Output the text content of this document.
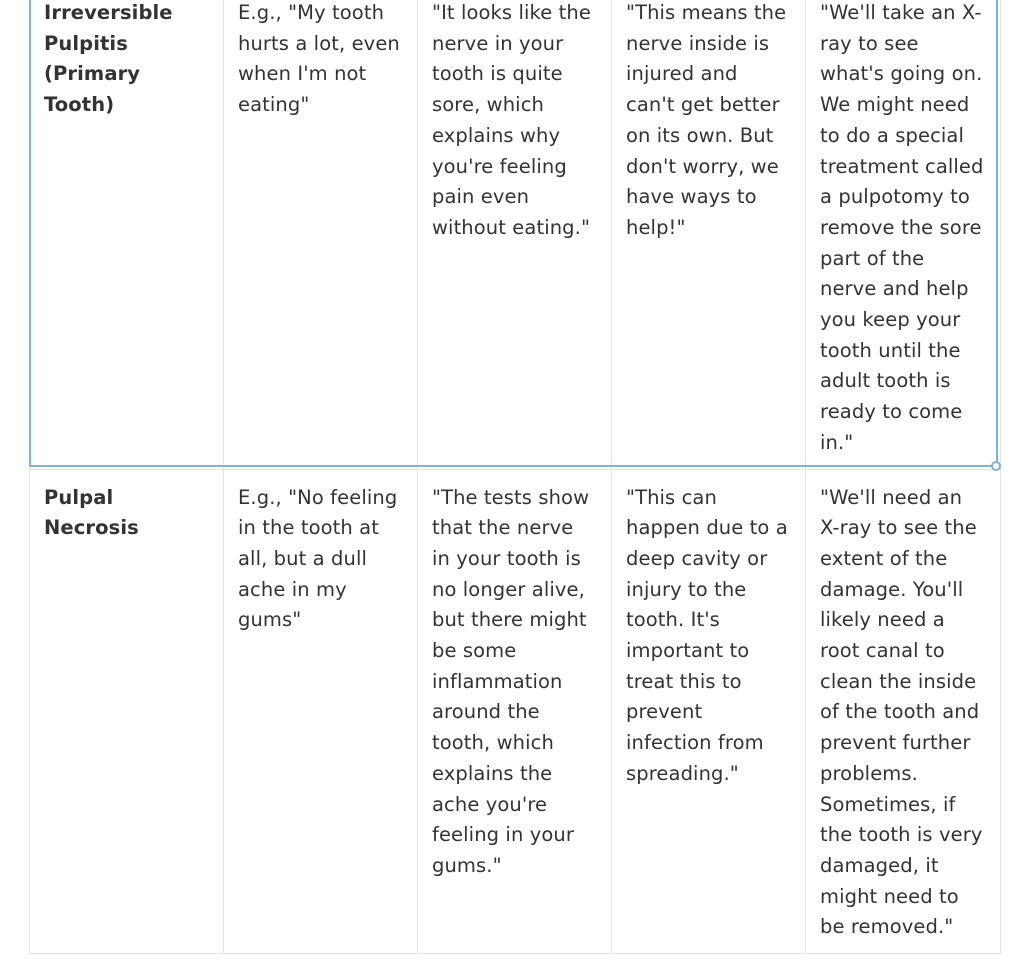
Irreversible Pulpitis (Primary Tooth)	E.g., "My tooth hurts a lot, even when I'm not eating"	"It looks like the nerve in your tooth is quite sore, which explains why you're feeling pain even without eating."	"This means the nerve inside is injured and can't get better on its own. But don't worry, we have ways to help!"	"We'll take an X-ray to see what's going on. We might need to do a special treatment called a pulpotomy to remove the sore part of the nerve and help you keep your tooth until the adult tooth is ready to come in."
Pulpal Necrosis	E.g., "No feeling in the tooth at all, but a dull ache in my gums"	"The tests show that the nerve in your tooth is no longer alive, but there might be some inflammation around the tooth, which explains the ache you're feeling in your gums."	"This can happen due to a deep cavity or injury to the tooth. It's important to treat this to prevent infection from spreading."	"We'll need an X-ray to see the extent of the damage. You'll likely need a root canal to clean the inside of the tooth and prevent further problems. Sometimes, if the tooth is very damaged, it might need to be removed."
